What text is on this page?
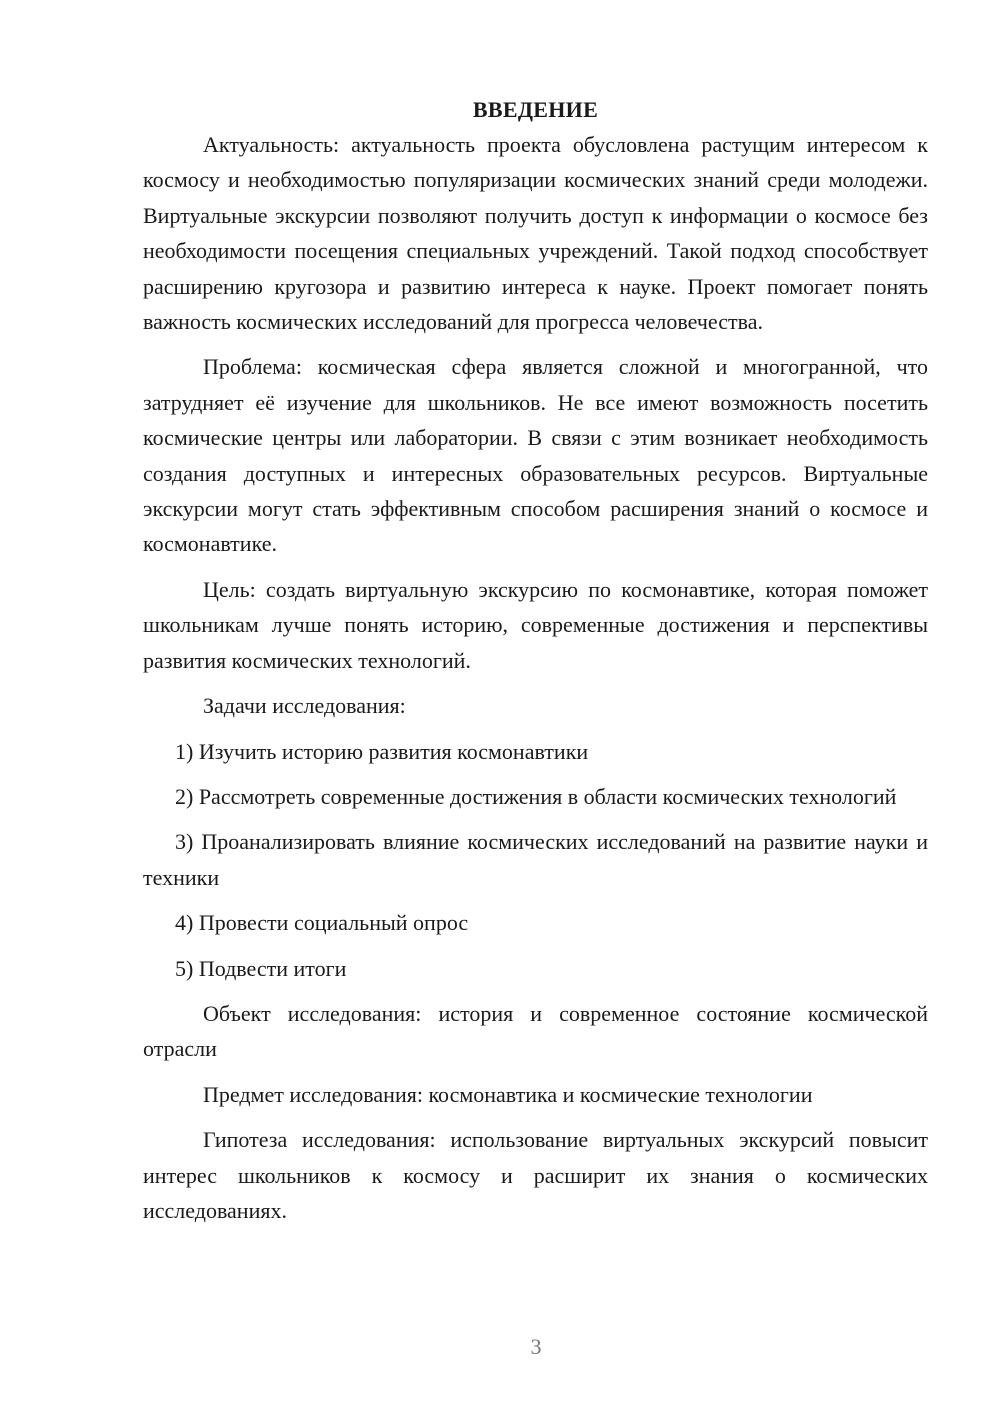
ВВЕДЕНИЕ

Актуальность: актуальность проекта обусловлена растущим интересом к космосу и необходимостью популяризации космических знаний среди молодежи. Виртуальные экскурсии позволяют получить доступ к информации о космосе без необходимости посещения специальных учреждений. Такой подход способствует расширению кругозора и развитию интереса к науке. Проект помогает понять важность космических исследований для прогресса человечества.

Проблема: космическая сфера является сложной и многогранной, что затрудняет её изучение для школьников. Не все имеют возможность посетить космические центры или лаборатории. В связи с этим возникает необходимость создания доступных и интересных образовательных ресурсов. Виртуальные экскурсии могут стать эффективным способом расширения знаний о космосе и космонавтике.

Цель: создать виртуальную экскурсию по космонавтике, которая поможет школьникам лучше понять историю, современные достижения и перспективы развития космических технологий.

Задачи исследования:

1) Изучить историю развития космонавтики

2) Рассмотреть современные достижения в области космических технологий

3) Проанализировать влияние космических исследований на развитие науки и техники

4) Провести социальный опрос

5) Подвести итоги

Объект исследования: история и современное состояние космической отрасли

Предмет исследования: космонавтика и космические технологии

Гипотеза исследования: использование виртуальных экскурсий повысит интерес школьников к космосу и расширит их знания о космических исследованиях.

3
